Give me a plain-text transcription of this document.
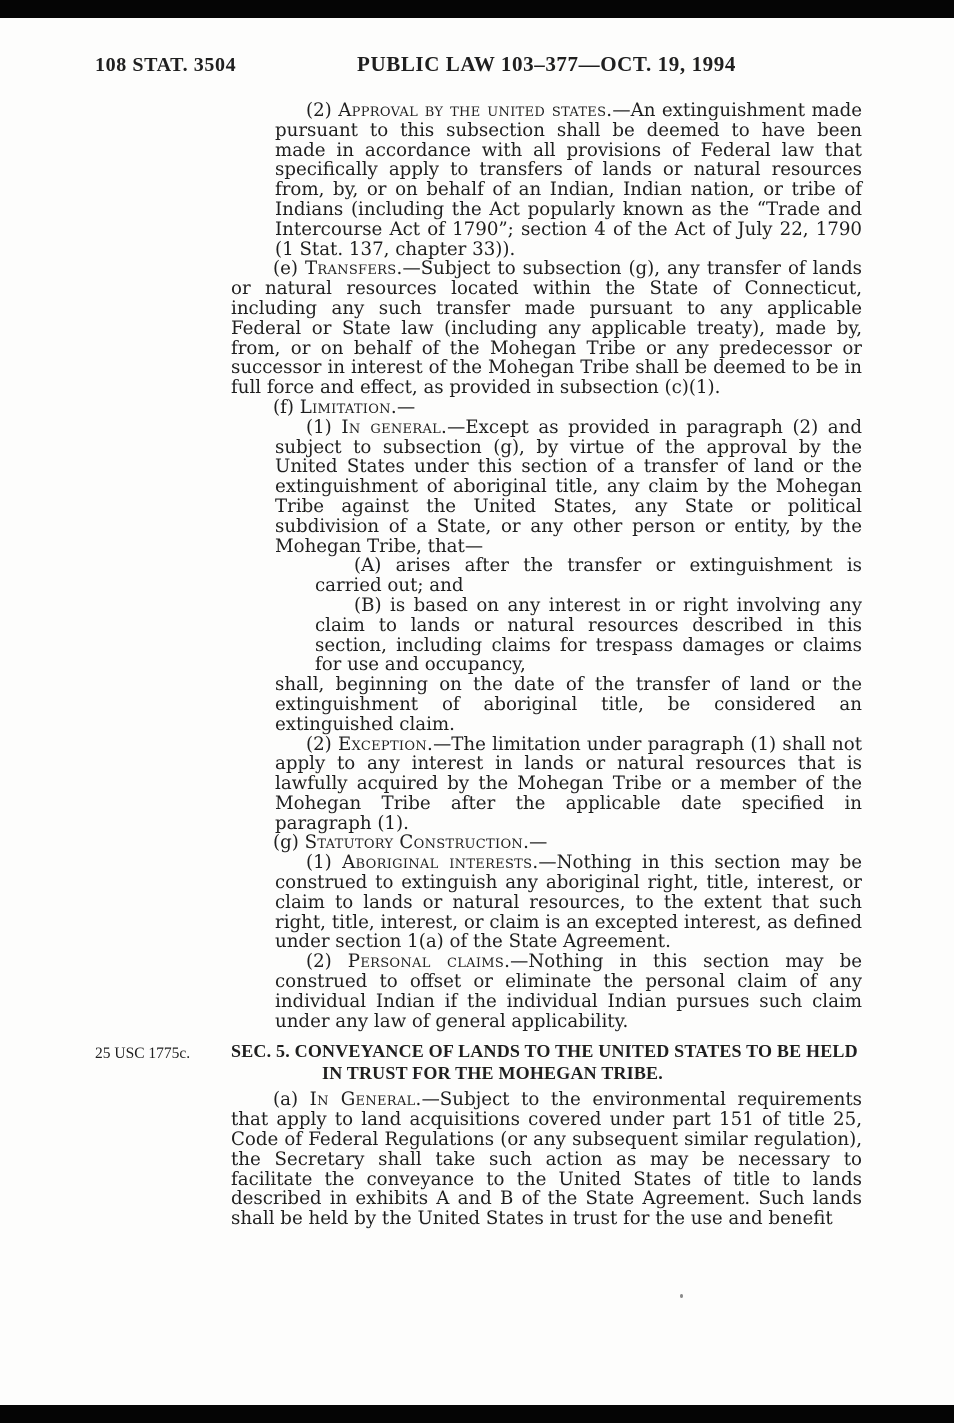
108 STAT. 3504	PUBLIC LAW 103–377—OCT. 19, 1994

(2) Approval by the united states.—An extinguishment made pursuant to this subsection shall be deemed to have been made in accordance with all provisions of Federal law that specifically apply to transfers of lands or natural resources from, by, or on behalf of an Indian, Indian nation, or tribe of Indians (including the Act popularly known as the “Trade and Intercourse Act of 1790”; section 4 of the Act of July 22, 1790 (1 Stat. 137, chapter 33)).

(e) Transfers.—Subject to subsection (g), any transfer of lands or natural resources located within the State of Connecticut, including any such transfer made pursuant to any applicable Federal or State law (including any applicable treaty), made by, from, or on behalf of the Mohegan Tribe or any predecessor or successor in interest of the Mohegan Tribe shall be deemed to be in full force and effect, as provided in subsection (c)(1).

(f) Limitation.—

(1) In general.—Except as provided in paragraph (2) and subject to subsection (g), by virtue of the approval by the United States under this section of a transfer of land or the extinguishment of aboriginal title, any claim by the Mohegan Tribe against the United States, any State or political subdivision of a State, or any other person or entity, by the Mohegan Tribe, that—

(A) arises after the transfer or extinguishment is carried out; and

(B) is based on any interest in or right involving any claim to lands or natural resources described in this section, including claims for trespass damages or claims for use and occupancy,

shall, beginning on the date of the transfer of land or the extinguishment of aboriginal title, be considered an extinguished claim.

(2) Exception.—The limitation under paragraph (1) shall not apply to any interest in lands or natural resources that is lawfully acquired by the Mohegan Tribe or a member of the Mohegan Tribe after the applicable date specified in paragraph (1).

(g) Statutory Construction.—

(1) Aboriginal interests.—Nothing in this section may be construed to extinguish any aboriginal right, title, interest, or claim to lands or natural resources, to the extent that such right, title, interest, or claim is an excepted interest, as defined under section 1(a) of the State Agreement.

(2) Personal claims.—Nothing in this section may be construed to offset or eliminate the personal claim of any individual Indian if the individual Indian pursues such claim under any law of general applicability.

25 USC 1775c.	SEC. 5. CONVEYANCE OF LANDS TO THE UNITED STATES TO BE HELD
IN TRUST FOR THE MOHEGAN TRIBE.

(a) In General.—Subject to the environmental requirements that apply to land acquisitions covered under part 151 of title 25, Code of Federal Regulations (or any subsequent similar regulation), the Secretary shall take such action as may be necessary to facilitate the conveyance to the United States of title to lands described in exhibits A and B of the State Agreement. Such lands shall be held by the United States in trust for the use and benefit
